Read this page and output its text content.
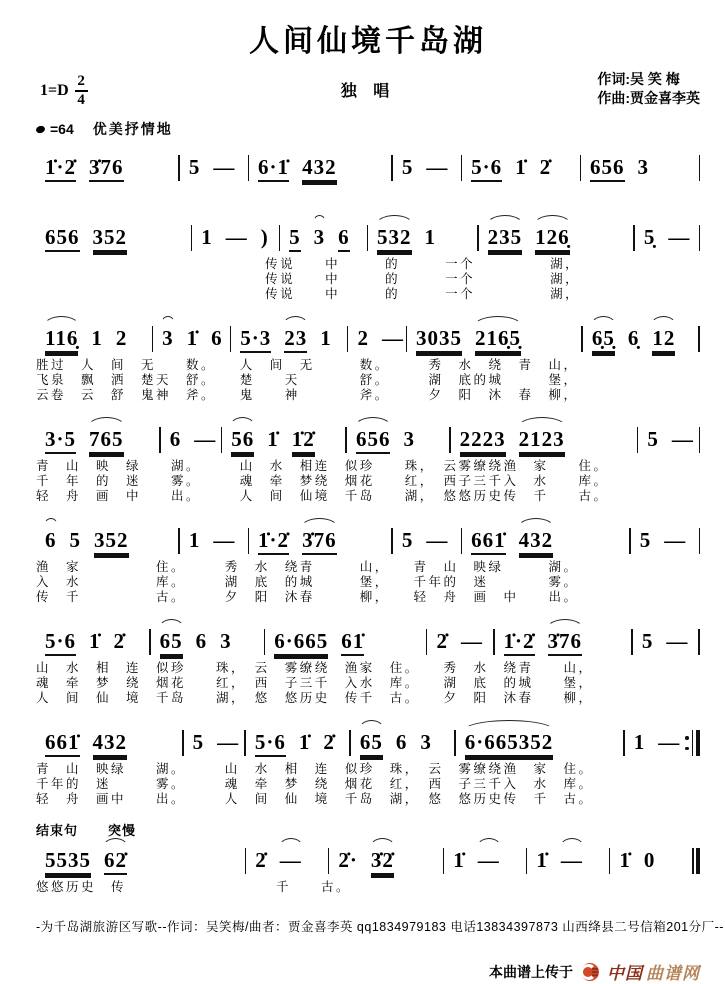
人间仙境千岛湖
$1=D \frac{2}{4}$	独 唱
作词:吴 笑 梅
作曲:贾金喜李英
=64 优美抒情地
1̇·2̇ 3̇76	5 — 6·1̇ 432	5 — 5·6 1̇ 2̇ 656 3
656 352	1 — ) 5 3 6 532 1 235 126̣	5̣ —
传说　　中　　　的　　　一个　　　　　湖，
传说　　中　　　的　　　一个　　　　　湖，
传说　　中　　　的　　　一个　　　　　湖，
116̣ 1 2 3 1̇ 6 5·3 23 1 2 — 3035 216̣5̣	6̣5̣ 6̣ 12
胜过　人　间　无　　数。　　人　间　无　　　数。　　　秀　水　绕　青　山，
飞泉　飘　洒　楚天　舒。　　楚　　天　　　　舒。　　　湖　底的城　　　堡，
云卷　云　舒　鬼神　斧。　　鬼　　神　　　　斧。　　　夕　阳　沐　春　柳，
3·5 765 6 — 56 1̇ 1̇2̇ 656 3 2223 2123	5 —
青　山　映　绿　　湖。　　　山　水　相连　似珍　　珠，　云雾缭绕渔　家　　住。
千　年　的　迷　　雾。　　　魂　牵　梦绕　烟花　　红，　西子三千入　水　　库。
轻　舟　画　中　　出。　　　人　间　仙境　千岛　　湖，　悠悠历史传　千　　古。
6 5 352	1 — 1̇·2̇ 3̇76	5 — 661̇ 432	5 —
渔　家　　　　　住。　　　秀　水　绕青　　　山，　　青　山　映绿　　　湖。
入　水　　　　　库。　　　湖　底　的城　　　堡，　　千年的　迷　　　　雾。
传　千　　　　　古。　　　夕　阳　沐春　　　柳，　　轻　舟　画　中　　出。
5·6 1̇ 2̇ 65 6 3 6·665 61̇	2̇ — 1̇·2̇ 3̇76	5 —
山　水　相　连　似珍　　珠，　云　雾缭绕　渔家　住。　　秀　水　绕青　　山，
魂　牵　梦　绕　烟花　　红，　西　子三千　入水　库。　　湖　底　的城　　堡，
人　间　仙　境　千岛　　湖，　悠　悠历史　传千　古。　　夕　阳　沐春　　柳，
661̇ 432	5 — 5·6 1̇ 2̇ 65 6 3 6·665352	1 —
青　山　映绿　　湖。　　　山　水　相　连　似珍　珠，　云　雾缭绕渔　家　住。
千年的　迷　　　雾。　　　魂　牵　梦　绕　烟花　红，　西　子三千入　水　库。
轻　舟　画中　　出。　　　人　间　仙　境　千岛　湖，　悠　悠历史传　千　古。
结束句 突慢
5535 62̇	2̇ — 2̇· 3̇2̇	1̇ — 1̇ — 1̇ 0
悠悠历史　传　　　　　　　　　　千　　古。
-为千岛湖旅游区写歌--作词：吴笑梅/曲者：贾金喜李英 qq1834979183 电话13834397873 山西绛县二号信箱201分厂--
本曲谱上传于 中国 曲谱网
